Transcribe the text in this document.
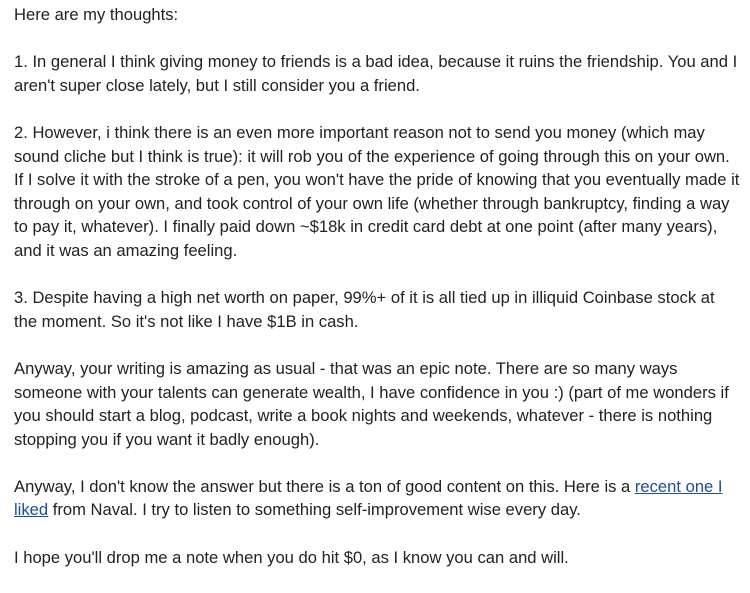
Here are my thoughts:

1. In general I think giving money to friends is a bad idea, because it ruins the friendship. You and I aren't super close lately, but I still consider you a friend.

2. However, i think there is an even more important reason not to send you money (which may sound cliche but I think is true): it will rob you of the experience of going through this on your own. If I solve it with the stroke of a pen, you won't have the pride of knowing that you eventually made it through on your own, and took control of your own life (whether through bankruptcy, finding a way to pay it, whatever). I finally paid down ~$18k in credit card debt at one point (after many years), and it was an amazing feeling.

3. Despite having a high net worth on paper, 99%+ of it is all tied up in illiquid Coinbase stock at the moment. So it's not like I have $1B in cash.

Anyway, your writing is amazing as usual - that was an epic note. There are so many ways someone with your talents can generate wealth, I have confidence in you :) (part of me wonders if you should start a blog, podcast, write a book nights and weekends, whatever - there is nothing stopping you if you want it badly enough).

Anyway, I don't know the answer but there is a ton of good content on this. Here is a recent one I liked from Naval. I try to listen to something self-improvement wise every day.

I hope you'll drop me a note when you do hit $0, as I know you can and will.
